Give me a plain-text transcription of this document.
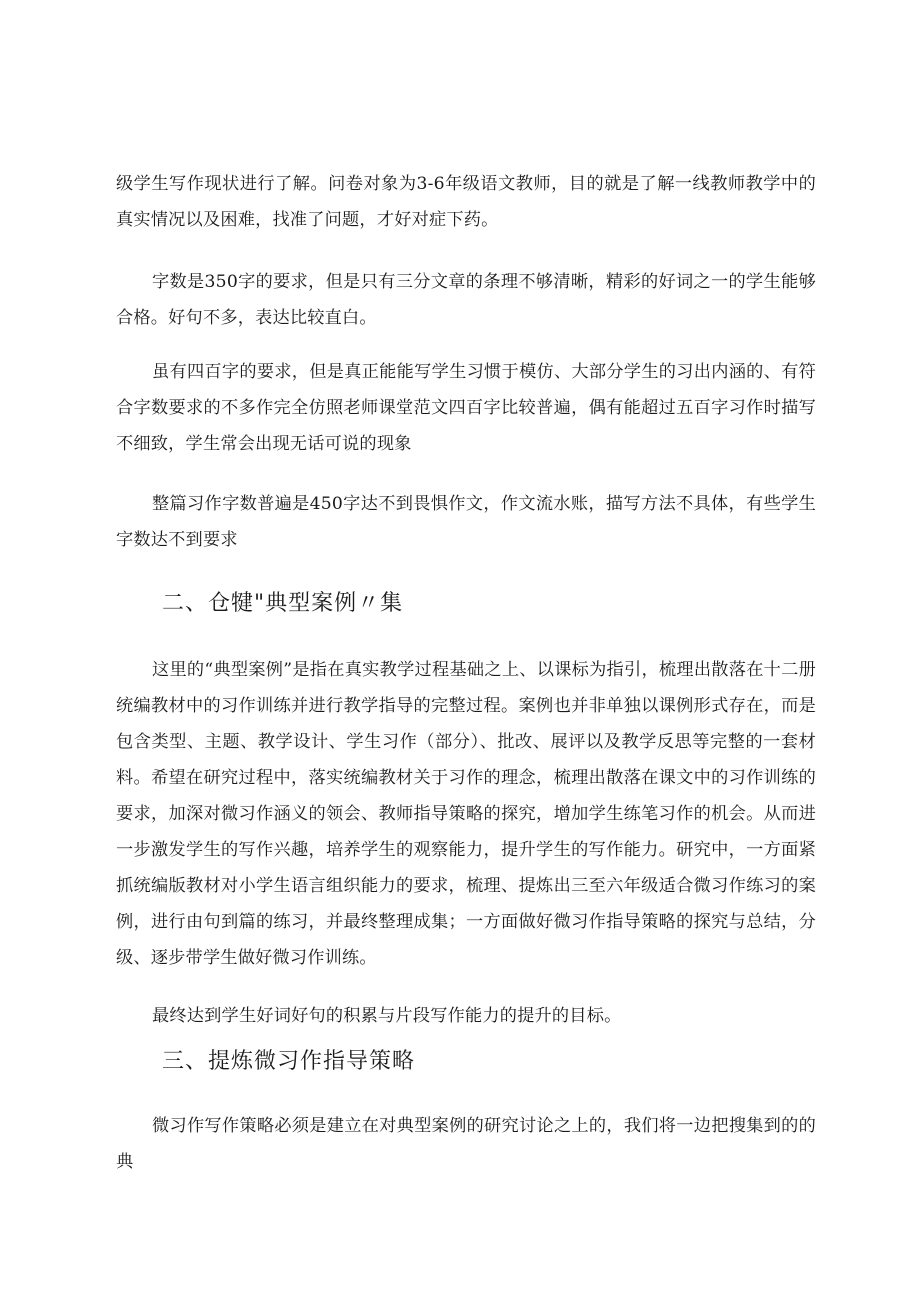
级学生写作现状进行了解。问卷对象为3-6年级语文教师，目的就是了解一线教师教学中的真实情况以及困难，找准了问题，才好对症下药。

字数是350字的要求，但是只有三分文章的条理不够清晰，精彩的好词之一的学生能够合格。好句不多，表达比较直白。

虽有四百字的要求，但是真正能能写学生习惯于模仿、大部分学生的习出内涵的、有符合字数要求的不多作完全仿照老师课堂范文四百字比较普遍，偶有能超过五百字习作时描写不细致，学生常会出现无话可说的现象

整篇习作字数普遍是450字达不到畏惧作文，作文流水账，描写方法不具体，有些学生字数达不到要求

二、仓犍"典型案例〃集

这里的“典型案例”是指在真实教学过程基础之上、以课标为指引，梳理出散落在十二册统编教材中的习作训练并进行教学指导的完整过程。案例也并非单独以课例形式存在，而是包含类型、主题、教学设计、学生习作（部分）、批改、展评以及教学反思等完整的一套材料。希望在研究过程中，落实统编教材关于习作的理念，梳理出散落在课文中的习作训练的要求，加深对微习作涵义的领会、教师指导策略的探究，增加学生练笔习作的机会。从而进一步激发学生的写作兴趣，培养学生的观察能力，提升学生的写作能力。研究中，一方面紧抓统编版教材对小学生语言组织能力的要求，梳理、提炼出三至六年级适合微习作练习的案例，进行由句到篇的练习，并最终整理成集；一方面做好微习作指导策略的探究与总结，分级、逐步带学生做好微习作训练。

最终达到学生好词好句的积累与片段写作能力的提升的目标。

三、提炼微习作指导策略

微习作写作策略必须是建立在对典型案例的研究讨论之上的，我们将一边把搜集到的的典
